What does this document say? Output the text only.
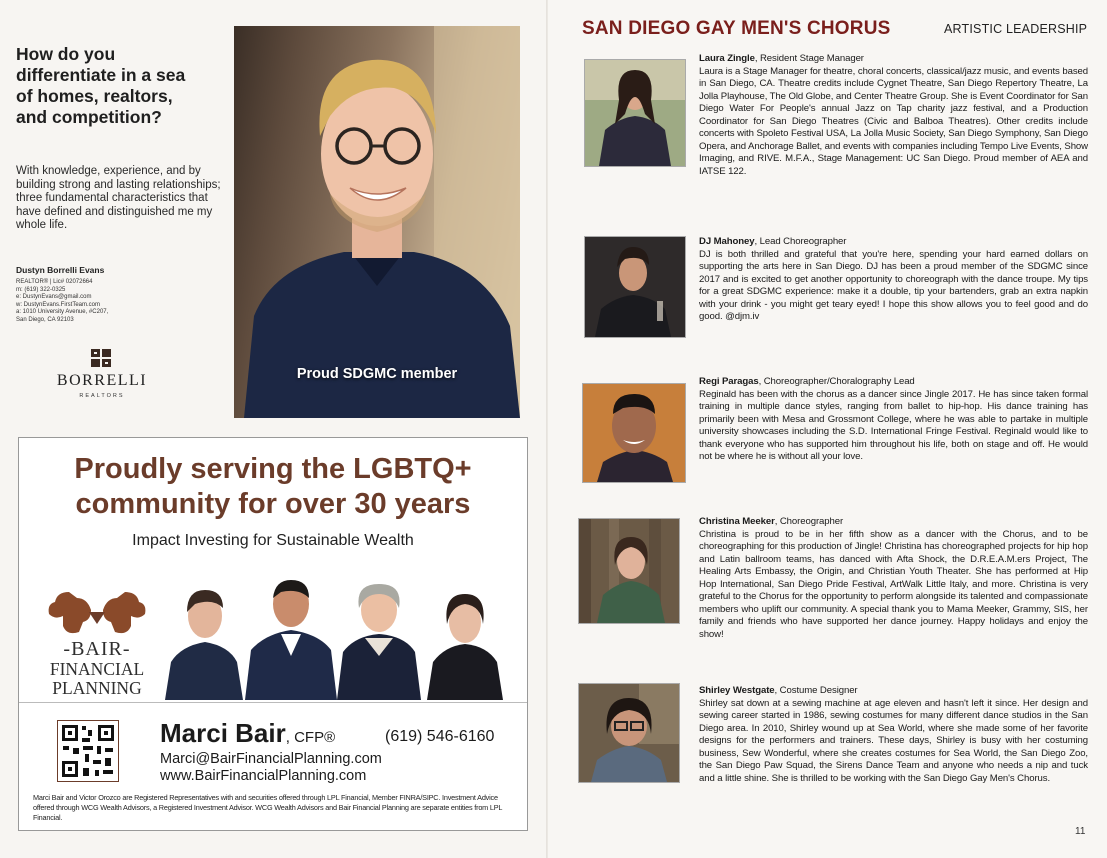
How do you differentiate in a sea of homes, realtors, and competition?
With knowledge, experience, and by building strong and lasting relationships; three fundamental characteristics that have defined and distinguished me my whole life.
Dustyn Borrelli Evans
REALTOR® | Lic# 02072664
m: (619) 322-0325
e: DustynEvans@gmail.com
w: DustynEvans.FirstTeam.com
a: 1010 University Avenue, #C207,
San Diego, CA 92103
BORRELLI
REALTORS
Proud SDGMC member
Proudly serving the LGBTQ+ community for over 30 years
Impact Investing for Sustainable Wealth
-BAIR-
FINANCIAL
PLANNING
Marci Bair, CFP®	(619) 546-6160
Marci@BairFinancialPlanning.com
www.BairFinancialPlanning.com
Marci Bair and Victor Orozco are Registered Representatives with and securities offered through LPL Financial, Member FINRA/SIPC. Investment Advice offered through WCG Wealth Advisors, a Registered Investment Advisor. WCG Wealth Advisors and Bair Financial Planning are separate entities from LPL Financial.
SAN DIEGO GAY MEN'S CHORUS	ARTISTIC LEADERSHIP
Laura Zingle, Resident Stage Manager
Laura is a Stage Manager for theatre, choral concerts, classical/jazz music, and events based in San Diego, CA. Theatre credits include Cygnet Theatre, San Diego Repertory Theatre, La Jolla Playhouse, The Old Globe, and Center Theatre Group. She is Event Coordinator for San Diego Water For People's annual Jazz on Tap charity jazz festival, and a Production Coordinator for San Diego Theatres (Civic and Balboa Theatres). Other credits include concerts with Spoleto Festival USA, La Jolla Music Society, San Diego Symphony, San Diego Opera, and Anchorage Ballet, and events with companies including Tempo Live Events, Show Imaging, and RIVE. M.F.A., Stage Management: UC San Diego. Proud member of AEA and IATSE 122.
DJ Mahoney, Lead Choreographer
DJ is both thrilled and grateful that you're here, spending your hard earned dollars on supporting the arts here in San Diego. DJ has been a proud member of the SDGMC since 2017 and is excited to get another opportunity to choreograph with the dance troupe. My tips for a great SDGMC experience: make it a double, tip your bartenders, grab an extra napkin with your drink - you might get teary eyed! I hope this show allows you to feel good and do good. @djm.iv
Regi Paragas, Choreographer/Choralography Lead
Reginald has been with the chorus as a dancer since Jingle 2017. He has since taken formal training in multiple dance styles, ranging from ballet to hip-hop. His dance training has primarily been with Mesa and Grossmont College, where he was able to partake in multiple university showcases including the S.D. International Fringe Festival. Reginald would like to thank everyone who has supported him throughout his life, both on stage and off. He would not be where he is without all your love.
Christina Meeker, Choreographer
Christina is proud to be in her fifth show as a dancer with the Chorus, and to be choreographing for this production of Jingle! Christina has choreographed projects for hip hop and Latin ballroom teams, has danced with Afta Shock, the D.R.E.A.M.ers Project, The Healing Arts Embassy, the Origin, and Christian Youth Theater. She has performed at Hip Hop International, San Diego Pride Festival, ArtWalk Little Italy, and more. Christina is very grateful to the Chorus for the opportunity to perform alongside its talented and compassionate members who uplift our community. A special thank you to Mama Meeker, Grammy, SIS, her family and friends who have supported her dance journey. Happy holidays and enjoy the show!
Shirley Westgate, Costume Designer
Shirley sat down at a sewing machine at age eleven and hasn't left it since. Her design and sewing career started in 1986, sewing costumes for many different dance studios in the San Diego area. In 2010, Shirley wound up at Sea World, where she made some of her favorite designs for the performers and trainers. These days, Shirley is busy with her costuming business, Sew Wonderful, where she creates costumes for Sea World, the San Diego Zoo, the San Diego Paw Squad, the Sirens Dance Team and anyone who needs a nip and tuck and a little shine. She is thrilled to be working with the San Diego Gay Men's Chorus.
11
